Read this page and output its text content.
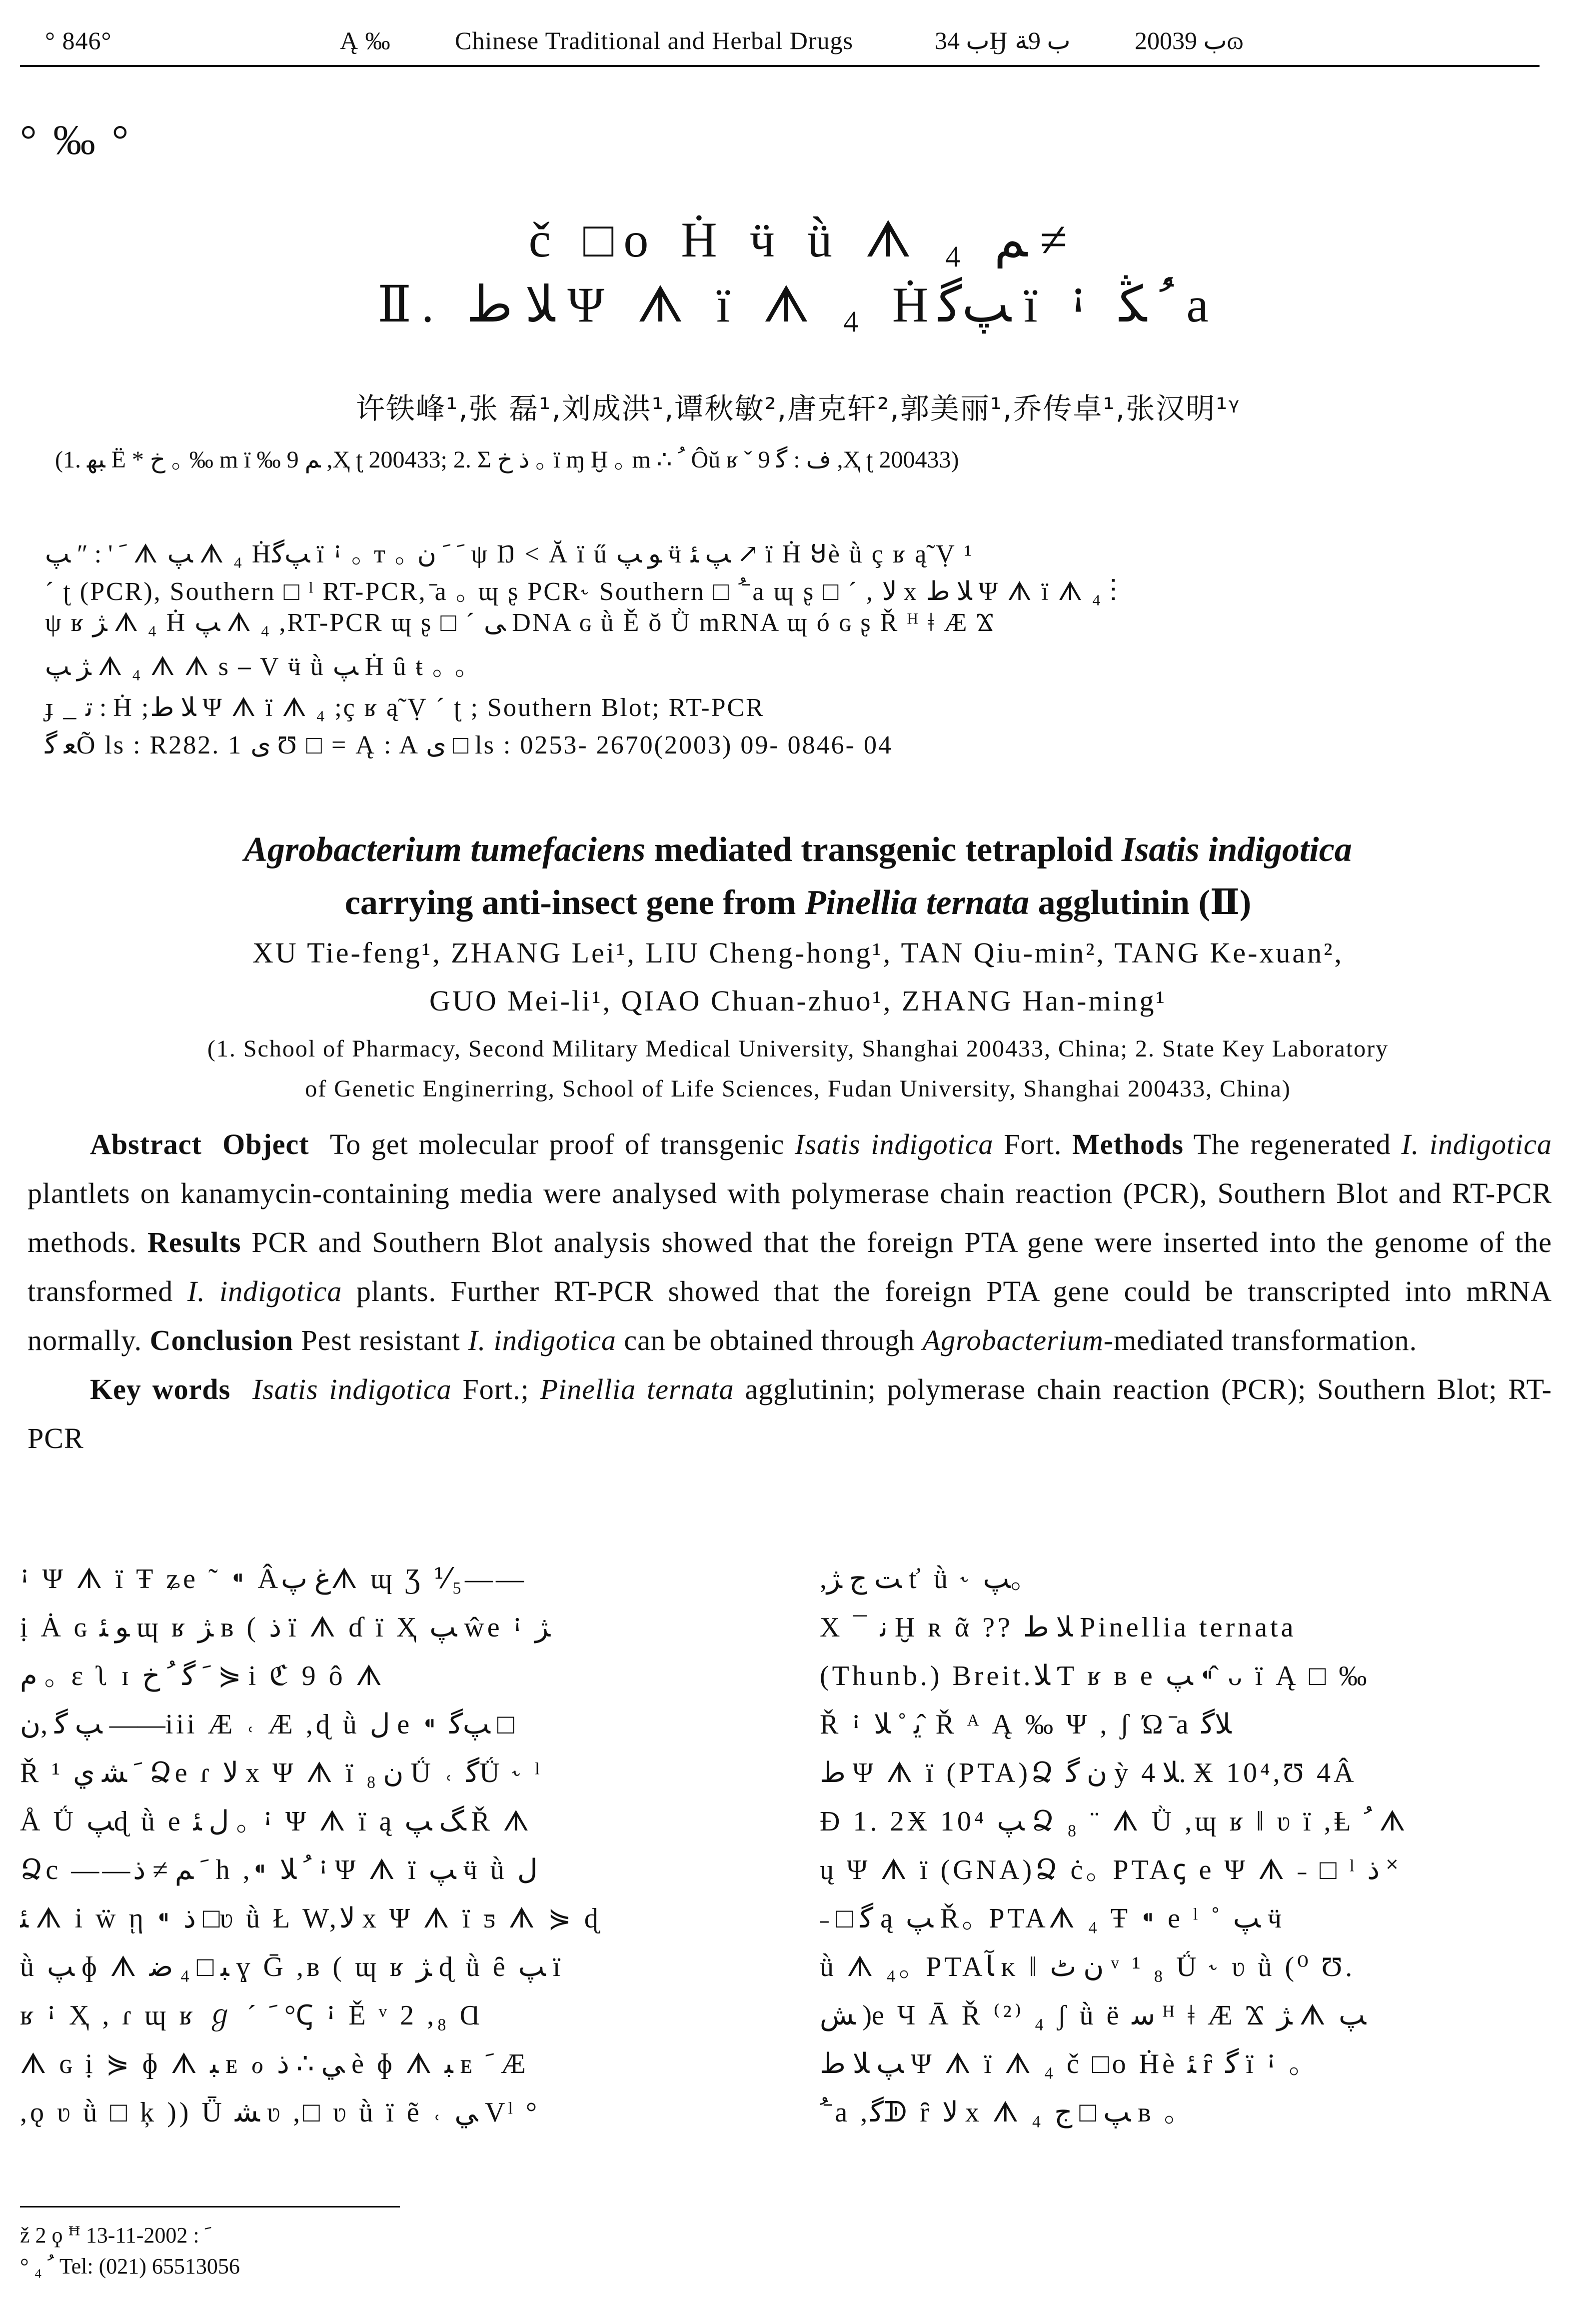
° 846°	Ą ‰	Chinese Traditional and Herbal Drugs	ب 34Ӈ ب 9ﺔ	2003ب 9ɷ
° ‰ °
č □o Ḣ ӵ ǜ ᗑ ₄ ﻢ ≠
Ⅱ. ﻼ ﻁ Ψ ᗑ ї ᗑ ₄ Ḣﭗﮔ ї ꜟ ﹸ ﯖ ́а
许铁峰¹,张 磊¹,刘成洪¹,谭秋敏²,唐克轩²,郭美丽¹,乔传卓¹,张汉明¹ᵞ
(1. ﺒﻬ Ë * ﺥ ｡ ‰ m ї ‰ ﻢ 9 ,Ҳ ʈ 200433; 2. Σ ﺫ ﺥ ｡ ї ɱ Ḫ ｡ m ∴ ﹸ Ôŭ ʁ ˇ ﻑ : ﮔ 9 ,Ҳ ʈ 200433)
ﹶ ' : ″ ﭗ ᗑ ﭗ ᗑ ₄ Ḣﭗﮔ ї ꜟ ｡ т ｡ ﹶ ﹶ ﻥ ψ Ŋ ˂ Ă ї ű ﻮ ﭗ ӵ ﭗ ﺌ ↗ ї Ḣ Ყè ǜ ç ʁ ą̃ Ṿ ¹
ˊ ʈ (PCR), Southern □ ˡ RT-PCR, ̄а ｡ ɰ ʂ PCR˞ Southern □ ﹸ ̄а ɰ ʂ □ ˊ , ﻻ x ﻼ ﻁ Ψ ᗑ ї ᗑ ₄ ⁝
ψ ʁ ﮋ ᗑ ₄ Ḣ ﭗ ᗑ ₄ ,RT-PCR ɰ ʂ □ ˊ ﻰ DNA ɢ ǜ Ě ŏ Ǜ mRNA ɰ ó ɢ ʂ Ř ᴴ ǂ Æ Ϫ
ﮋ ﭗ ᗑ ₄ ᗑ ᗑ s ⎯ V ӵ ǜ ﭗ Ḣ ȗ ŧ ｡ ｡
ɟ _ ﺗ : Ḣ ;ﻼ ﻁ Ψ ᗑ ї ᗑ ₄ ;ç ʁ ą̃ Ṿ ˊ ʈ ; Southern Blot; RT-PCR
ﻌ ﮔÕ ls : R282. 1 ﻯ Ʊ □ = Ą : A ﻯ □ ls : 0253- 2670(2003) 09- 0846- 04
Agrobacterium tumefaciens mediated transgenic tetraploid Isatis indigotica
carrying anti-insect gene from Pinellia ternata agglutinin (Ⅱ)
XU Tie-feng¹, ZHANG Lei¹, LIU Cheng-hong¹, TAN Qiu-min², TANG Ke-xuan²,
GUO Mei-li¹, QIAO Chuan-zhuo¹, ZHANG Han-ming¹
(1. School of Pharmacy, Second Military Medical University, Shanghai 200433, China; 2. State Key Laboratory
of Genetic Enginerring, School of Life Sciences, Fudan University, Shanghai 200433, China)

Abstract Object To get molecular proof of transgenic Isatis indigotica Fort. Methods The regenerated I. indigotica plantlets on kanamycin-containing media were analysed with polymerase chain reaction (PCR), Southern Blot and RT-PCR methods. Results PCR and Southern Blot analysis showed that the foreign PTA gene were inserted into the genome of the transformed I. indigotica plants. Further RT-PCR showed that the foreign PTA gene could be transcripted into mRNA normally. Conclusion Pest resistant I. indigotica can be obtained through Agrobacterium-mediated transformation.

Key words Isatis indigotica Fort.; Pinellia ternata agglutinin; polymerase chain reaction (PCR); Southern Blot; RT-PCR

ꜟ Ψ ᗑ ї Ŧ ʑe ˜ ⁌ Âﻍ ﭖᗑ ɰ Ʒ ⅟₅——
ị Ȧ ɢ ﻮ ﺌ ɰ ʁ ﮋ ʙ ( ﺫ ї ᗑ ɗ ї Ҳ ﭗ ŵe ꜟ ﮋ
ﻡ ｡ ɛ ʅ ɪ ﹶ ﮔ ﹸ ﺥ ⋟ і ℭ 9 ô ᗑ
ﭗ ﮔ ,ﻥ ——iii Æ ˓ Æ ,ɖ ǜ ﻝ e ⁌ ﭗﮔ □
Ř ¹ ﹶ ﺸ ي Ձe ɾ ﻻ x Ψ ᗑ ї ﻥ ₈ Ǘ ˓ ﮔǗ ˞ ˡ
Å Ǘ ﭗɖ ǜ e ﻝ ﺌ ｡ ꜟ Ψ ᗑ ї ą ﮓ ﭗ Ř ᗑ
Ձc ——ﹶ ﻢ ≠ ﺫ h ,⁌ ﹸ ﻼ ꜟ Ψ ᗑ ї ﭗ ӵ ǜ ﻝ
ﺌ ᗑ і ẅ ῃ ⁌ ﺫ □ʋ ǜ Ł W,ﻻ x Ψ ᗑ ї ƽ ᗑ ⋟ ɖ
ǜ ﭗ ɸ ᗑ ﺒ □ ₄ ﺿ ɣ Ḡ ,ʙ ( ɰ ʁ ﮋ ɖ ǜ ȇ ﭗ ї
ʁ ꜟ Ҳ , ɾ ɰ ʁ ℊ ˊ ﹶ °Ꞔ ꜟ Ě ᵛ 2 ,₈ Ɑ
ᗑ ɢ ị ⋟ ɸ ᗑ ﺒ ᴇ ℴ ﻲ ∴ ﺫ è ɸ ᗑ ﺒ ᴇ ﹶ Æ
,ǫ ʋ ǜ □ ķ )) Ǖ ﺸ ʋ ,□ ʋ ǜ ї ẽ ˓ ﻲ Vˡ °
,ﺖ ﺝ ﮋ ť ǜ ˞ ﭗ｡
X ¯ ﻧ Ḫ ʀ ᾶ ?? ﻼ ﻁ Pinellia ternata
(Thunb.) Breit.ﻼ Ƭ ʁ ʙ e ﭗ ⁌ ̂ ᴗ ї Ą □ ‰
Ř ꜟ ﻳ ˚ ﻼ ̂ Ř ᴬ Ą ‰ Ψ , ʃ Ώ ̄а ﻼﮔ
ﻁ Ψ ᗑ ї (PTA)Ձ ﻥ ﮔ ỳ ﻼ 4. Ӿ 10⁴,Ʊ 4Â
Ð 1. 2Ӿ 10⁴ ﭗ Ձ ₈ ¨ ᗑ Ǜ ,ɰ ʁ ‖ ʋ ї ,Ⱡ ﹸ ᗑ
ų Ψ ᗑ ї (GNA)Ձ ċ｡ PTAꞔ e Ψ ᗑ ˗ □ ˡ ﺫ ˟
˗ □ ﮔ ą ﭗ Ř｡ PTAᗑ ₄ Ŧ ⁌ e ˡ ˚ ﭗ ӵ
ǜ ᗑ ₄｡ PTAﺂ ᴋ ‖ ﻥ ٹ ᵛ ¹ ₈ Ǘ ˞ ʋ ǜ (⁰ Ʊ.
ﺶ )e Ч Ā Ř ⁽²⁾ ₄ ʃ ǜ ë ﺳ ᴴ ǂ Æ Ϫ ﮋ ᗑ ﭗ
ﭗ ﻼ ﻁ Ψ ᗑ ї ᗑ ₄ č □o Ḣè ﺌ ȓ ﮔ ї ꜟ ｡
ﹸ ̄а ,ﮔᗫ ȓ ﻻ x ᗑ ₄ ﭗ □ ﺝ ʙ ｡
ž 2 ϙ ꟸ ﹶ : 2002-11-13
° ₄ ﹸ Tel: (021) 65513056
